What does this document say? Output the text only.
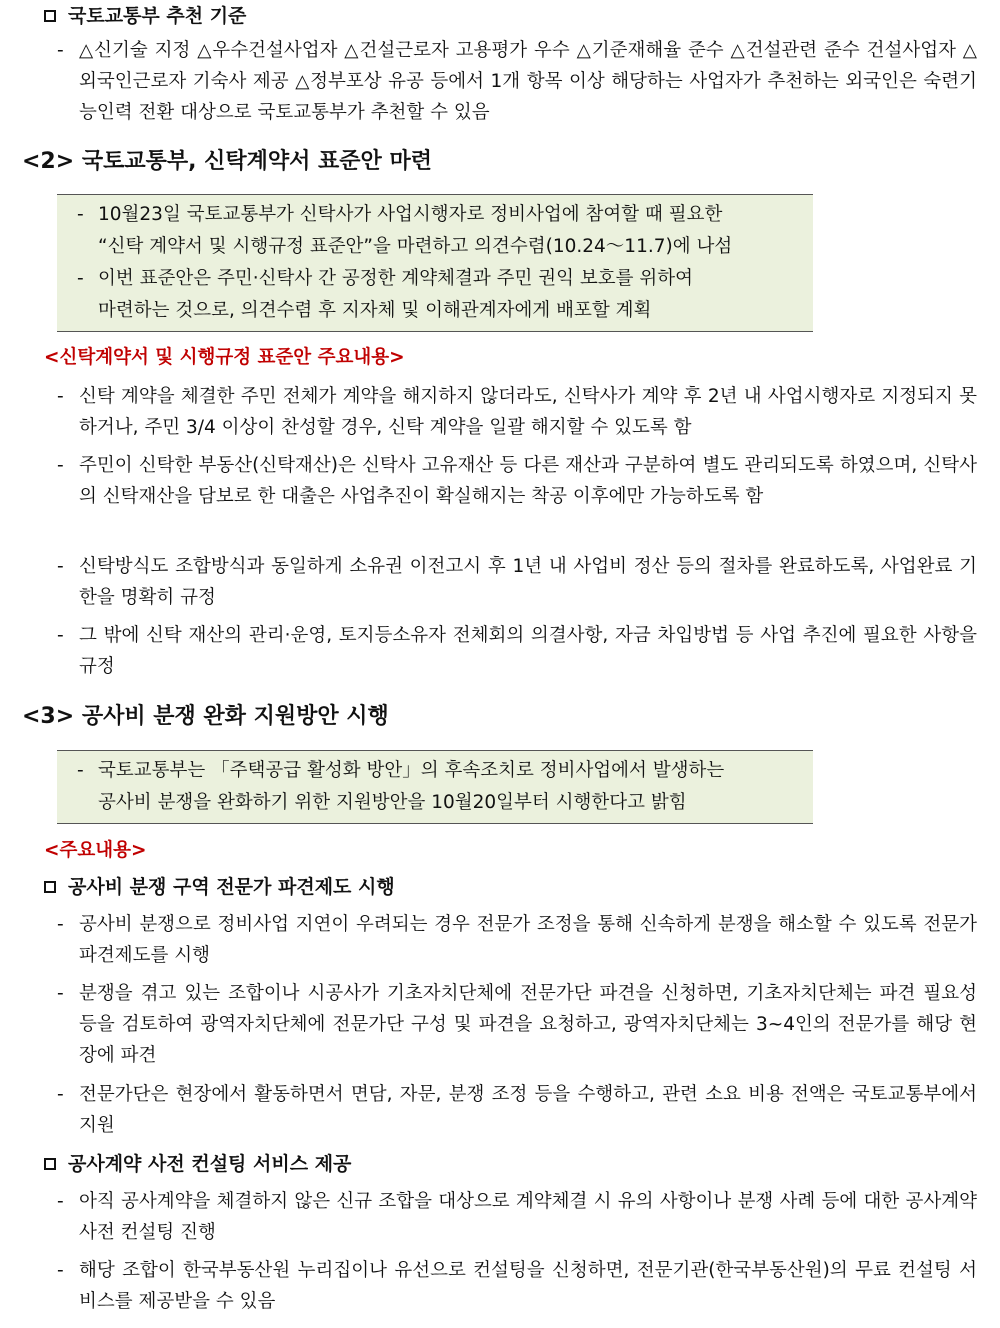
국토교통부 추천 기준
- △신기술 지정 △우수건설사업자 △건설근로자 고용평가 우수 △기준재해율 준수 △건설관련 준수 건설사업자 △외국인근로자 기숙사 제공 △정부포상 유공 등에서 1개 항목 이상 해당하는 사업자가 추천하는 외국인은 숙련기능인력 전환 대상으로 국토교통부가 추천할 수 있음
<2> 국토교통부, 신탁계약서 표준안 마련
- 10월23일 국토교통부가 신탁사가 사업시행자로 정비사업에 참여할 때 필요한
“신탁 계약서 및 시행규정 표준안”을 마련하고 의견수렴(10.24～11.7)에 나섬
- 이번 표준안은 주민·신탁사 간 공정한 계약체결과 주민 권익 보호를 위하여
마련하는 것으로, 의견수렴 후 지자체 및 이해관계자에게 배포할 계획
<신탁계약서 및 시행규정 표준안 주요내용>
- 신탁 계약을 체결한 주민 전체가 계약을 해지하지 않더라도, 신탁사가 계약 후 2년 내 사업시행자로 지정되지 못하거나, 주민 3/4 이상이 찬성할 경우, 신탁 계약을 일괄 해지할 수 있도록 함
- 주민이 신탁한 부동산(신탁재산)은 신탁사 고유재산 등 다른 재산과 구분하여 별도 관리되도록 하였으며, 신탁사의 신탁재산을 담보로 한 대출은 사업추진이 확실해지는 착공 이후에만 가능하도록 함
- 신탁방식도 조합방식과 동일하게 소유권 이전고시 후 1년 내 사업비 정산 등의 절차를 완료하도록, 사업완료 기한을 명확히 규정
- 그 밖에 신탁 재산의 관리·운영, 토지등소유자 전체회의 의결사항, 자금 차입방법 등 사업 추진에 필요한 사항을 규정
<3> 공사비 분쟁 완화 지원방안 시행
- 국토교통부는 「주택공급 활성화 방안」의 후속조치로 정비사업에서 발생하는
공사비 분쟁을 완화하기 위한 지원방안을 10월20일부터 시행한다고 밝힘
<주요내용>
공사비 분쟁 구역 전문가 파견제도 시행
- 공사비 분쟁으로 정비사업 지연이 우려되는 경우 전문가 조정을 통해 신속하게 분쟁을 해소할 수 있도록 전문가 파견제도를 시행
- 분쟁을 겪고 있는 조합이나 시공사가 기초자치단체에 전문가단 파견을 신청하면, 기초자치단체는 파견 필요성 등을 검토하여 광역자치단체에 전문가단 구성 및 파견을 요청하고, 광역자치단체는 3~4인의 전문가를 해당 현장에 파견
- 전문가단은 현장에서 활동하면서 면담, 자문, 분쟁 조정 등을 수행하고, 관련 소요 비용 전액은 국토교통부에서 지원
공사계약 사전 컨설팅 서비스 제공
- 아직 공사계약을 체결하지 않은 신규 조합을 대상으로 계약체결 시 유의 사항이나 분쟁 사례 등에 대한 공사계약 사전 컨설팅 진행
- 해당 조합이 한국부동산원 누리집이나 유선으로 컨설팅을 신청하면, 전문기관(한국부동산원)의 무료 컨설팅 서비스를 제공받을 수 있음
